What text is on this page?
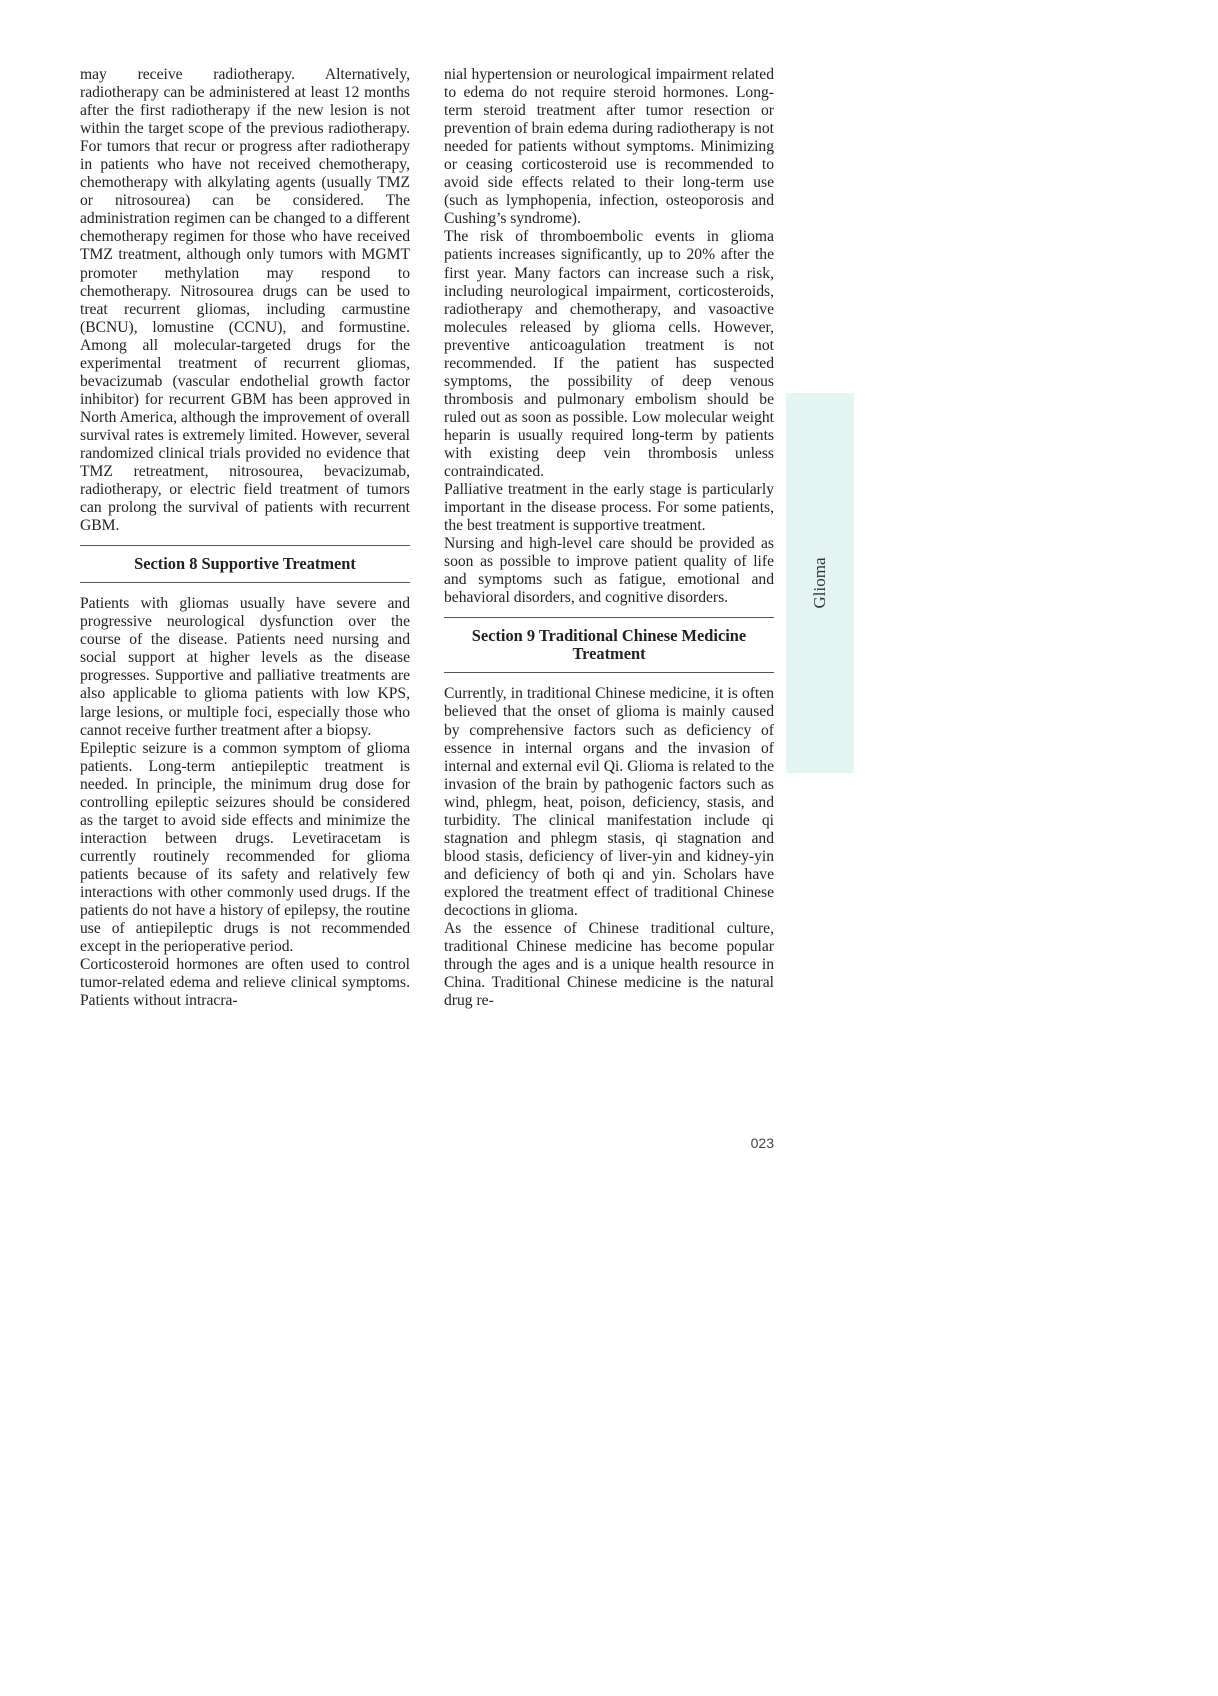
may receive radiotherapy. Alternatively, radiotherapy can be administered at least 12 months after the first radiotherapy if the new lesion is not within the target scope of the previous radiotherapy. For tumors that recur or progress after radiotherapy in patients who have not received chemotherapy, chemotherapy with alkylating agents (usually TMZ or nitrosourea) can be considered. The administration regimen can be changed to a different chemotherapy regimen for those who have received TMZ treatment, although only tumors with MGMT promoter methylation may respond to chemotherapy. Nitrosourea drugs can be used to treat recurrent gliomas, including carmustine (BCNU), lomustine (CCNU), and formustine. Among all molecular-targeted drugs for the experimental treatment of recurrent gliomas, bevacizumab (vascular endothelial growth factor inhibitor) for recurrent GBM has been approved in North America, although the improvement of overall survival rates is extremely limited. However, several randomized clinical trials provided no evidence that TMZ retreatment, nitrosourea, bevacizumab, radiotherapy, or electric field treatment of tumors can prolong the survival of patients with recurrent GBM.

Section 8 Supportive Treatment

Patients with gliomas usually have severe and progressive neurological dysfunction over the course of the disease. Patients need nursing and social support at higher levels as the disease progresses. Supportive and palliative treatments are also applicable to glioma patients with low KPS, large lesions, or multiple foci, especially those who cannot receive further treatment after a biopsy.

Epileptic seizure is a common symptom of glioma patients. Long-term antiepileptic treatment is needed. In principle, the minimum drug dose for controlling epileptic seizures should be considered as the target to avoid side effects and minimize the interaction between drugs. Levetiracetam is currently routinely recommended for glioma patients because of its safety and relatively few interactions with other commonly used drugs. If the patients do not have a history of epilepsy, the routine use of antiepileptic drugs is not recommended except in the perioperative period.

Corticosteroid hormones are often used to control tumor-related edema and relieve clinical symptoms. Patients without intracra-

nial hypertension or neurological impairment related to edema do not require steroid hormones. Long-term steroid treatment after tumor resection or prevention of brain edema during radiotherapy is not needed for patients without symptoms. Minimizing or ceasing corticosteroid use is recommended to avoid side effects related to their long-term use (such as lymphopenia, infection, osteoporosis and Cushing’s syndrome).

The risk of thromboembolic events in glioma patients increases significantly, up to 20% after the first year. Many factors can increase such a risk, including neurological impairment, corticosteroids, radiotherapy and chemotherapy, and vasoactive molecules released by glioma cells. However, preventive anticoagulation treatment is not recommended. If the patient has suspected symptoms, the possibility of deep venous thrombosis and pulmonary embolism should be ruled out as soon as possible. Low molecular weight heparin is usually required long-term by patients with existing deep vein thrombosis unless contraindicated.

Palliative treatment in the early stage is particularly important in the disease process. For some patients, the best treatment is supportive treatment.

Nursing and high-level care should be provided as soon as possible to improve patient quality of life and symptoms such as fatigue, emotional and behavioral disorders, and cognitive disorders.

Section 9 Traditional Chinese Medicine Treatment

Currently, in traditional Chinese medicine, it is often believed that the onset of glioma is mainly caused by comprehensive factors such as deficiency of essence in internal organs and the invasion of internal and external evil Qi. Glioma is related to the invasion of the brain by pathogenic factors such as wind, phlegm, heat, poison, deficiency, stasis, and turbidity. The clinical manifestation include qi stagnation and phlegm stasis, qi stagnation and blood stasis, deficiency of liver-yin and kidney-yin and deficiency of both qi and yin. Scholars have explored the treatment effect of traditional Chinese decoctions in glioma.

As the essence of Chinese traditional culture, traditional Chinese medicine has become popular through the ages and is a unique health resource in China. Traditional Chinese medicine is the natural drug re-

Glioma
023
